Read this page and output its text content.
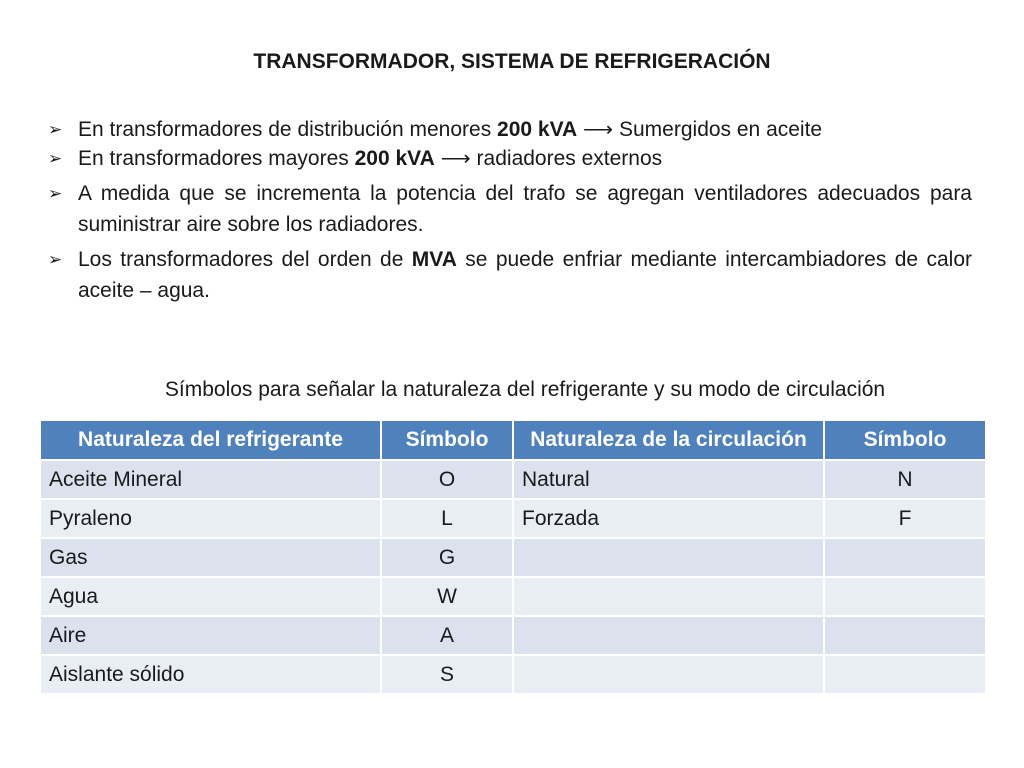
TRANSFORMADOR, SISTEMA DE REFRIGERACIÓN
➢ En transformadores de distribución menores 200 kVA ⟶ Sumergidos en aceite
➢ En transformadores mayores 200 kVA ⟶ radiadores externos
➢ A medida que se incrementa la potencia del trafo se agregan ventiladores adecuados para suministrar aire sobre los radiadores.
➢ Los transformadores del orden de MVA se puede enfriar mediante intercambiadores de calor aceite – agua.
Símbolos para señalar la naturaleza del refrigerante y su modo de circulación
Naturaleza del refrigerante	Símbolo	Naturaleza de la circulación	Símbolo
Aceite Mineral	O	Natural	N
Pyraleno	L	Forzada	F
Gas	G		
Agua	W		
Aire	A		
Aislante sólido	S		
